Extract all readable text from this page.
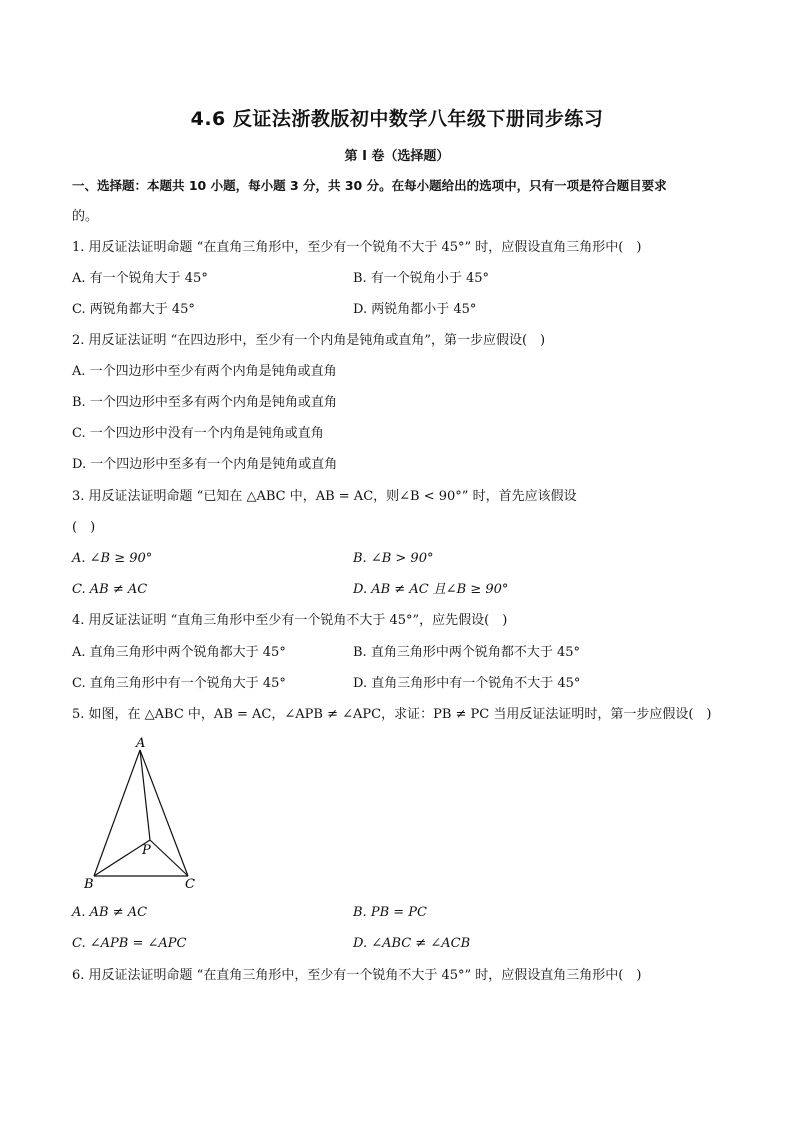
4.6 反证法浙教版初中数学八年级下册同步练习
第 I 卷（选择题）
一、选择题：本题共 10 小题，每小题 3 分，共 30 分。在每小题给出的选项中，只有一项是符合题目要求
的。
1. 用反证法证明命题 “在直角三角形中，至少有一个锐角不大于 45°” 时，应假设直角三角形中(　)
A. 有一个锐角大于 45°	B. 有一个锐角小于 45°
C. 两锐角都大于 45°	D. 两锐角都小于 45°
2. 用反证法证明 “在四边形中，至少有一个内角是钝角或直角”，第一步应假设(　)
A. 一个四边形中至少有两个内角是钝角或直角
B. 一个四边形中至多有两个内角是钝角或直角
C. 一个四边形中没有一个内角是钝角或直角
D. 一个四边形中至多有一个内角是钝角或直角
3. 用反证法证明命题 “已知在 △ABC 中，AB = AC，则∠B < 90°” 时，首先应该假设
(　)
A. ∠B ≥ 90°	B. ∠B > 90°
C. AB ≠ AC	D. AB ≠ AC 且∠B ≥ 90°
4. 用反证法证明 “直角三角形中至少有一个锐角不大于 45°”，应先假设(　)
A. 直角三角形中两个锐角都大于 45°	B. 直角三角形中两个锐角都不大于 45°
C. 直角三角形中有一个锐角大于 45°	D. 直角三角形中有一个锐角不大于 45°
5. 如图，在 △ABC 中，AB = AC，∠APB ≠ ∠APC，求证：PB ≠ PC 当用反证法证明时，第一步应假设(　)
A
B	C
P
A. AB ≠ AC	B. PB = PC
C. ∠APB = ∠APC	D. ∠ABC ≠ ∠ACB
6. 用反证法证明命题 “在直角三角形中，至少有一个锐角不大于 45°” 时，应假设直角三角形中(　)
